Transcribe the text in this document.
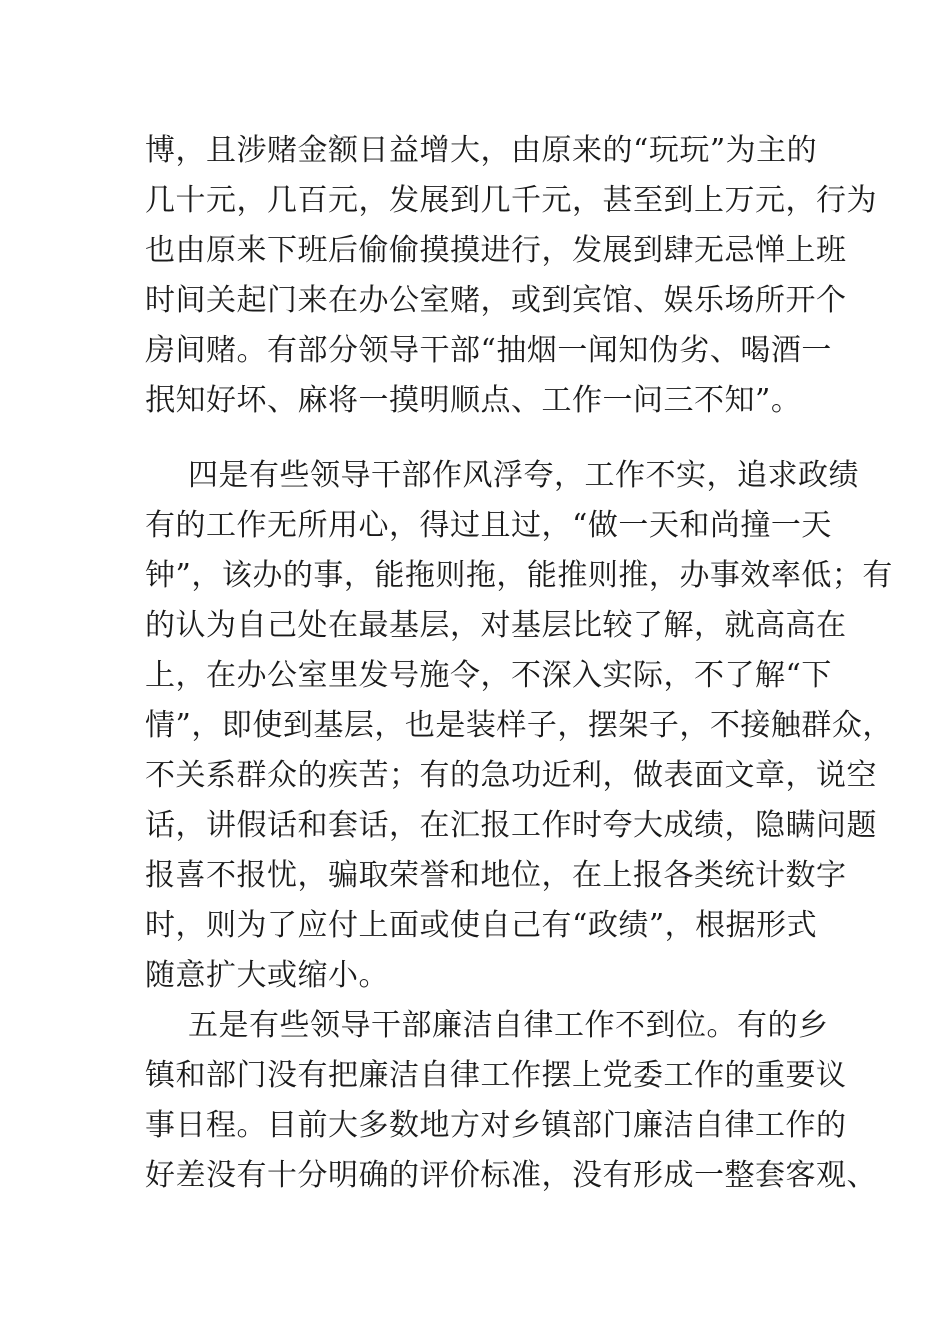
博，且涉赌金额日益增大，由原来的“玩玩”为主的
几十元，几百元，发展到几千元，甚至到上万元，行为
也由原来下班后偷偷摸摸进行，发展到肆无忌惮上班
时间关起门来在办公室赌，或到宾馆、娱乐场所开个
房间赌。有部分领导干部“抽烟一闻知伪劣、喝酒一
抿知好坏、麻将一摸明顺点、工作一问三不知”。
四是有些领导干部作风浮夸，工作不实，追求政绩
有的工作无所用心，得过且过，“做一天和尚撞一天
钟”，该办的事，能拖则拖，能推则推，办事效率低；有
的认为自己处在最基层，对基层比较了解，就高高在
上，在办公室里发号施令，不深入实际，不了解“下
情”，即使到基层，也是装样子，摆架子，不接触群众，
不关系群众的疾苦；有的急功近利，做表面文章，说空
话，讲假话和套话，在汇报工作时夸大成绩，隐瞒问题
报喜不报忧，骗取荣誉和地位，在上报各类统计数字
时，则为了应付上面或使自己有“政绩”，根据形式
随意扩大或缩小。
五是有些领导干部廉洁自律工作不到位。有的乡
镇和部门没有把廉洁自律工作摆上党委工作的重要议
事日程。目前大多数地方对乡镇部门廉洁自律工作的
好差没有十分明确的评价标准，没有形成一整套客观、
